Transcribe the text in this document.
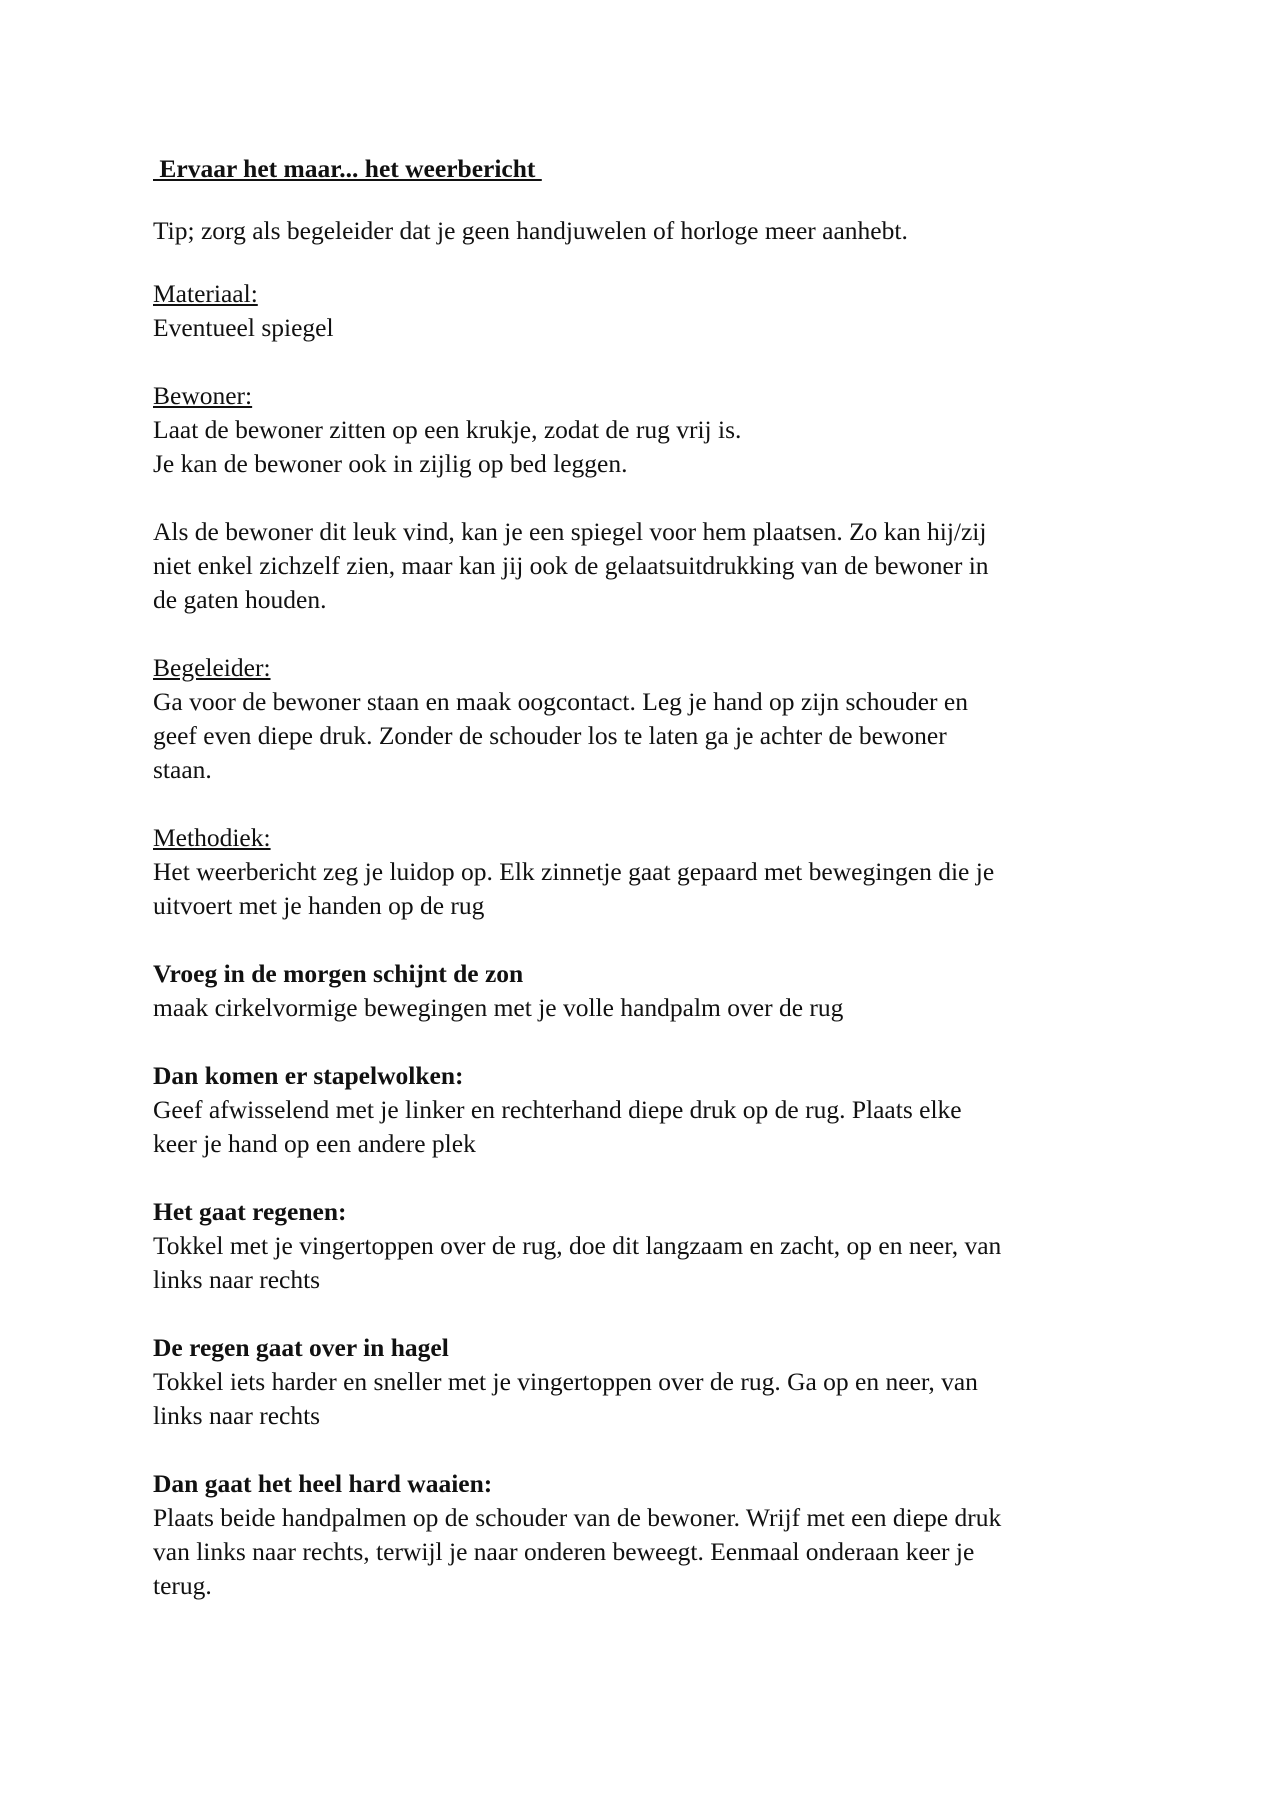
Ervaar het maar... het weerbericht
Tip; zorg als begeleider dat je geen handjuwelen of horloge meer aanhebt.
Materiaal:
Eventueel spiegel
Bewoner:
Laat de bewoner zitten op een krukje, zodat de rug vrij is.
Je kan de bewoner ook in zijlig op bed leggen.
Als de bewoner dit leuk vind, kan je een spiegel voor hem plaatsen. Zo kan hij/zij
niet enkel zichzelf zien, maar kan jij ook de gelaatsuitdrukking van de bewoner in
de gaten houden.
Begeleider:
Ga voor de bewoner staan en maak oogcontact. Leg je hand op zijn schouder en
geef even diepe druk. Zonder de schouder los te laten ga je achter de bewoner
staan.
Methodiek:
Het weerbericht zeg je luidop op. Elk zinnetje gaat gepaard met bewegingen die je
uitvoert met je handen op de rug
Vroeg in de morgen schijnt de zon
maak cirkelvormige bewegingen met je volle handpalm over de rug
Dan komen er stapelwolken:
Geef afwisselend met je linker en rechterhand diepe druk op de rug. Plaats elke
keer je hand op een andere plek
Het gaat regenen:
Tokkel met je vingertoppen over de rug, doe dit langzaam en zacht, op en neer, van
links naar rechts
De regen gaat over in hagel
Tokkel iets harder en sneller met je vingertoppen over de rug. Ga op en neer, van
links naar rechts
Dan gaat het heel hard waaien:
Plaats beide handpalmen op de schouder van de bewoner. Wrijf met een diepe druk
van links naar rechts, terwijl je naar onderen beweegt. Eenmaal onderaan keer je
terug.
